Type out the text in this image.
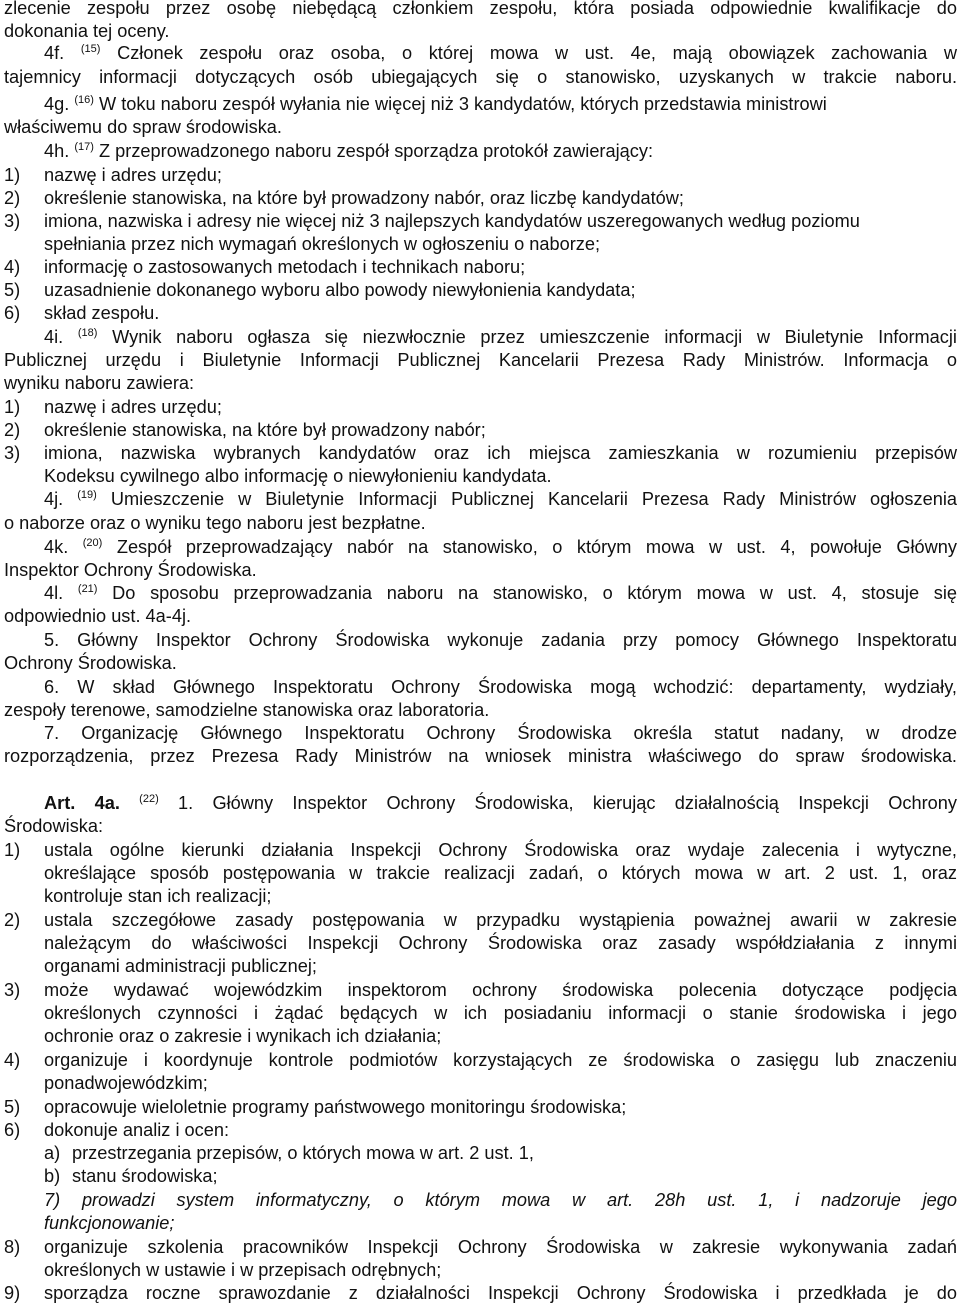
zlecenie zespołu przez osobę niebędącą członkiem zespołu, która posiada odpowiednie kwalifikacje do
dokonania tej oceny.
4f. $^{(15)}$ Członek zespołu oraz osoba, o której mowa w ust. 4e, mają obowiązek zachowania w
tajemnicy informacji dotyczących osób ubiegających się o stanowisko, uzyskanych w trakcie naboru.
4g. $^{(16)}$ W toku naboru zespół wyłania nie więcej niż 3 kandydatów, których przedstawia ministrowi
właściwemu do spraw środowiska.
4h. $^{(17)}$ Z przeprowadzonego naboru zespół sporządza protokół zawierający:
1) nazwę i adres urzędu;
2) określenie stanowiska, na które był prowadzony nabór, oraz liczbę kandydatów;
3) imiona, nazwiska i adresy nie więcej niż 3 najlepszych kandydatów uszeregowanych według poziomu
spełniania przez nich wymagań określonych w ogłoszeniu o naborze;
4) informację o zastosowanych metodach i technikach naboru;
5) uzasadnienie dokonanego wyboru albo powody niewyłonienia kandydata;
6) skład zespołu.
4i. $^{(18)}$ Wynik naboru ogłasza się niezwłocznie przez umieszczenie informacji w Biuletynie Informacji
Publicznej urzędu i Biuletynie Informacji Publicznej Kancelarii Prezesa Rady Ministrów. Informacja o
wyniku naboru zawiera:
1) nazwę i adres urzędu;
2) określenie stanowiska, na które był prowadzony nabór;
3) imiona, nazwiska wybranych kandydatów oraz ich miejsca zamieszkania w rozumieniu przepisów
Kodeksu cywilnego albo informację o niewyłonieniu kandydata.
4j. $^{(19)}$ Umieszczenie w Biuletynie Informacji Publicznej Kancelarii Prezesa Rady Ministrów ogłoszenia
o naborze oraz o wyniku tego naboru jest bezpłatne.
4k. $^{(20)}$ Zespół przeprowadzający nabór na stanowisko, o którym mowa w ust. 4, powołuje Główny
Inspektor Ochrony Środowiska.
4l. $^{(21)}$ Do sposobu przeprowadzania naboru na stanowisko, o którym mowa w ust. 4, stosuje się
odpowiednio ust. 4a-4j.
5. Główny Inspektor Ochrony Środowiska wykonuje zadania przy pomocy Głównego Inspektoratu
Ochrony Środowiska.
6. W skład Głównego Inspektoratu Ochrony Środowiska mogą wchodzić: departamenty, wydziały,
zespoły terenowe, samodzielne stanowiska oraz laboratoria.
7. Organizację Głównego Inspektoratu Ochrony Środowiska określa statut nadany, w drodze
rozporządzenia, przez Prezesa Rady Ministrów na wniosek ministra właściwego do spraw środowiska.
Art. 4a. $^{(22)}$ 1. Główny Inspektor Ochrony Środowiska, kierując działalnością Inspekcji Ochrony
Środowiska:
1) ustala ogólne kierunki działania Inspekcji Ochrony Środowiska oraz wydaje zalecenia i wytyczne,
określające sposób postępowania w trakcie realizacji zadań, o których mowa w art. 2 ust. 1, oraz
kontroluje stan ich realizacji;
2) ustala szczegółowe zasady postępowania w przypadku wystąpienia poważnej awarii w zakresie
należącym do właściwości Inspekcji Ochrony Środowiska oraz zasady współdziałania z innymi
organami administracji publicznej;
3) może wydawać wojewódzkim inspektorom ochrony środowiska polecenia dotyczące podjęcia
określonych czynności i żądać będących w ich posiadaniu informacji o stanie środowiska i jego
ochronie oraz o zakresie i wynikach ich działania;
4) organizuje i koordynuje kontrole podmiotów korzystających ze środowiska o zasięgu lub znaczeniu
ponadwojewódzkim;
5) opracowuje wieloletnie programy państwowego monitoringu środowiska;
6) dokonuje analiz i ocen:
a) przestrzegania przepisów, o których mowa w art. 2 ust. 1,
b) stanu środowiska;
7) prowadzi system informatyczny, o którym mowa w art. 28h ust. 1, i nadzoruje jego
funkcjonowanie;
8) organizuje szkolenia pracowników Inspekcji Ochrony Środowiska w zakresie wykonywania zadań
określonych w ustawie i w przepisach odrębnych;
9) sporządza roczne sprawozdanie z działalności Inspekcji Ochrony Środowiska i przedkłada je do
